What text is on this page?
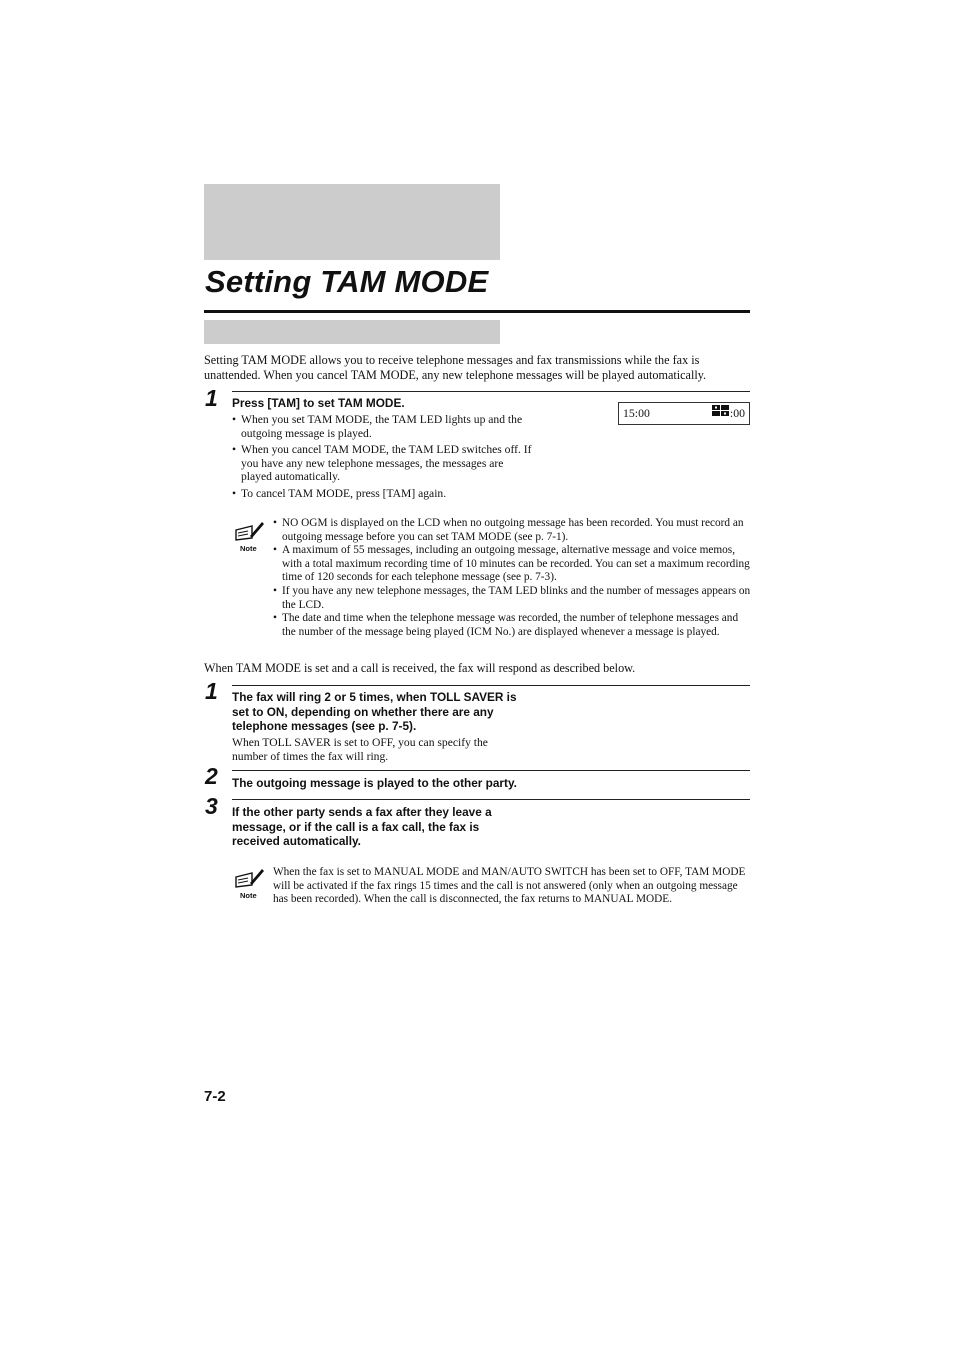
Setting TAM MODE
Setting TAM MODE allows you to receive telephone messages and fax transmissions while the fax is unattended. When you cancel TAM MODE, any new telephone messages will be played automatically.
1 Press [TAM] to set TAM MODE.
• When you set TAM MODE, the TAM LED lights up and the outgoing message is played.
• When you cancel TAM MODE, the TAM LED switches off. If you have any new telephone messages, the messages are played automatically.
• To cancel TAM MODE, press [TAM] again.
15:00	:00
Note
• NO OGM is displayed on the LCD when no outgoing message has been recorded. You must record an outgoing message before you can set TAM MODE (see p. 7-1).
• A maximum of 55 messages, including an outgoing message, alternative message and voice memos, with a total maximum recording time of 10 minutes can be recorded. You can set a maximum recording time of 120 seconds for each telephone message (see p. 7-3).
• If you have any new telephone messages, the TAM LED blinks and the number of messages appears on the LCD.
• The date and time when the telephone message was recorded, the number of telephone messages and the number of the message being played (ICM No.) are displayed whenever a message is played.
When TAM MODE is set and a call is received, the fax will respond as described below.
1 The fax will ring 2 or 5 times, when TOLL SAVER is set to ON, depending on whether there are any telephone messages (see p. 7-5).
When TOLL SAVER is set to OFF, you can specify the number of times the fax will ring.
2 The outgoing message is played to the other party.
3 If the other party sends a fax after they leave a message, or if the call is a fax call, the fax is received automatically.
Note
When the fax is set to MANUAL MODE and MAN/AUTO SWITCH has been set to OFF, TAM MODE will be activated if the fax rings 15 times and the call is not answered (only when an outgoing message has been recorded). When the call is disconnected, the fax returns to MANUAL MODE.
7-2
